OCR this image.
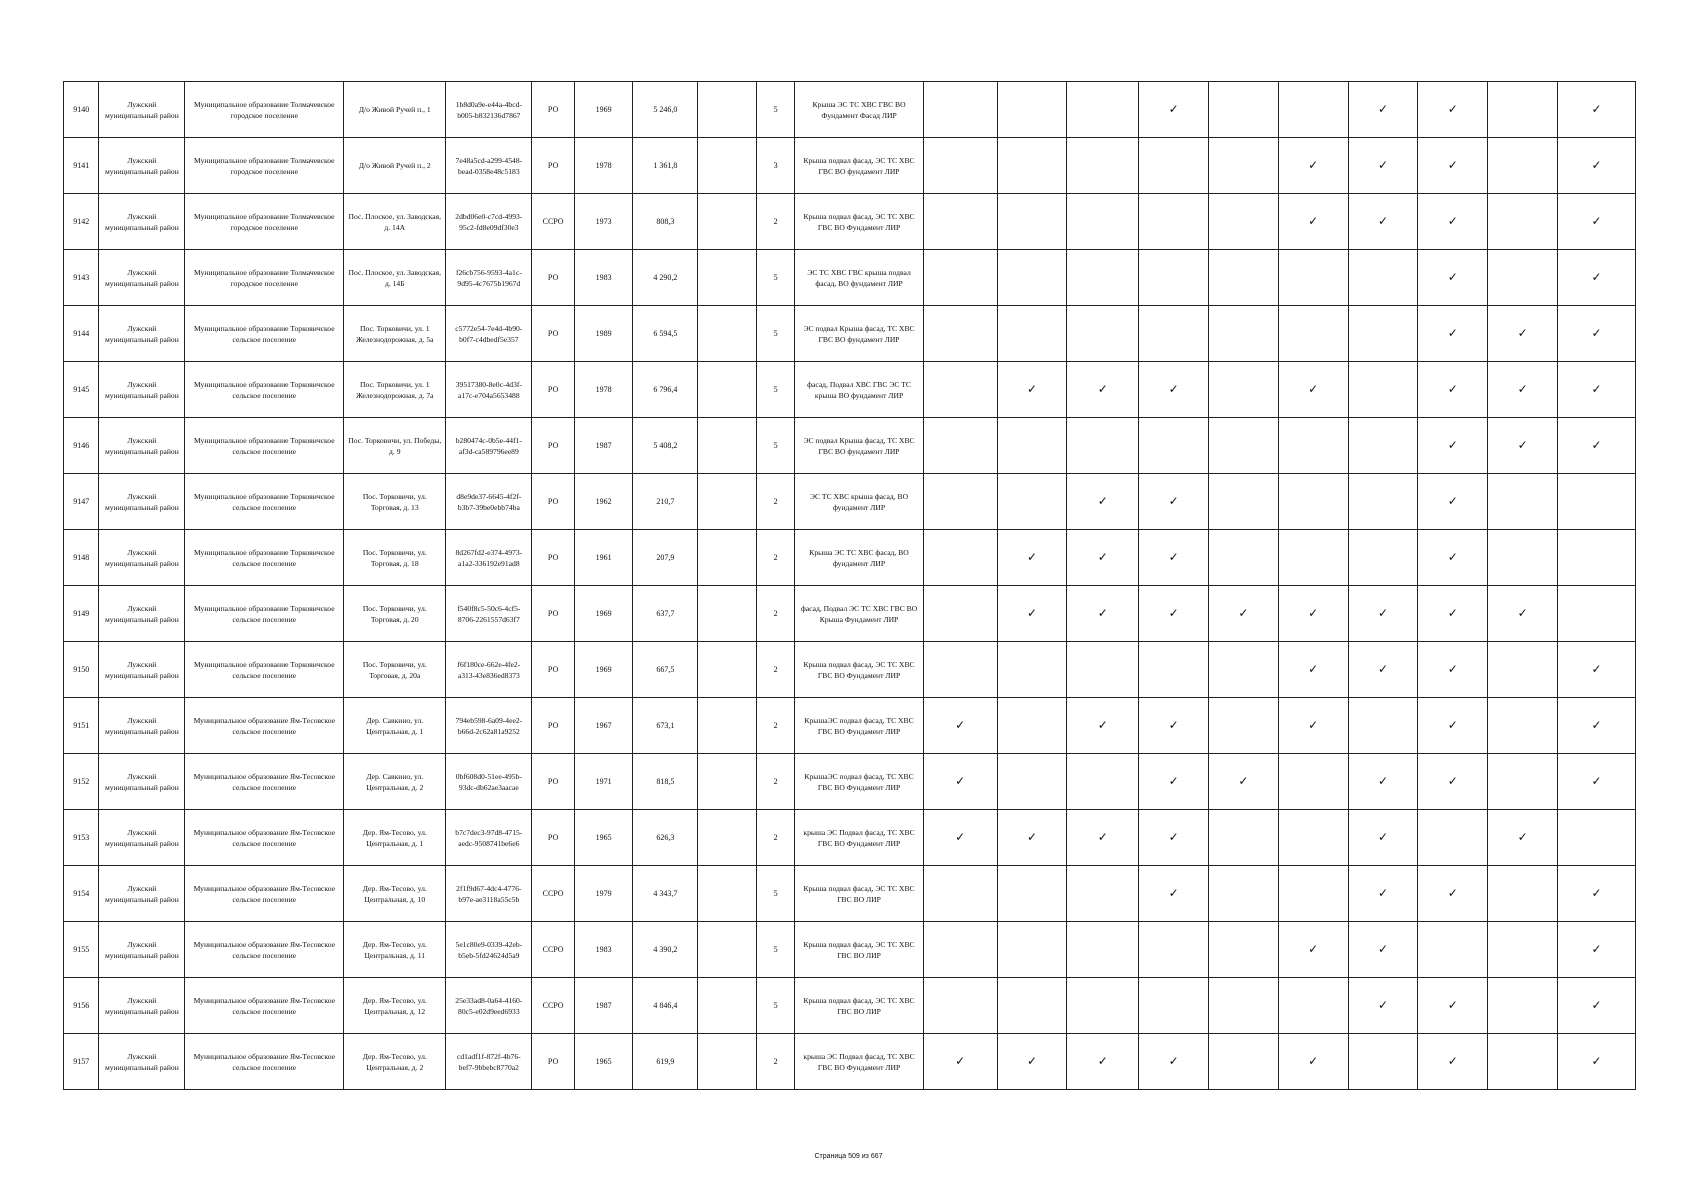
9140	Лужский муниципальный район	Муниципальное образование Толмачевское городское поселение	Д/о Живой Ручей п., 1	1b8d0a9e-e44a-4bcd-b005-b832136d7867	РО	1969	5 246,0		5	Крыша ЭС ТС ХВС ГВС ВО Фундамент Фасад ЛИР				✓			✓	✓		✓
9141	Лужский муниципальный район	Муниципальное образование Толмачевское городское поселение	Д/о Живой Ручей п., 2	7e48a5cd-a299-4548-bead-0358e48c5183	РО	1978	1 361,8		3	Крыша подвал фасад, ЭС ТС ХВС ГВС ВО фундамент ЛИР						✓	✓	✓		✓
9142	Лужский муниципальный район	Муниципальное образование Толмачевское городское поселение	Пос. Плоское, ул. Заводская, д. 14А	2dbd06e0-c7cd-4993-95c2-fd8e09df30e3	СCPO	1973	808,3		2	Крыша подвал фасад, ЭС ТС ХВС ГВС ВО Фундамент ЛИР						✓	✓	✓		✓
9143	Лужский муниципальный район	Муниципальное образование Толмачевское городское поселение	Пос. Плоское, ул. Заводская, д. 14Б	f26cb756-9593-4a1c-9d95-4c7675b1967d	РО	1983	4 290,2		5	ЭС ТС ХВС ГВС крыша подвал фасад, ВО фундамент ЛИР								✓		✓
9144	Лужский муниципальный район	Муниципальное образование Торковичское сельское поселение	Пос. Торковичи, ул. 1 Железнодорожная, д. 5а	c5772e54-7e4d-4b90-b0f7-c4dbedf5e357	РО	1989	6 594,5		5	ЭС подвал Крыша фасад, ТС ХВС ГВС ВО фундамент ЛИР								✓	✓	✓
9145	Лужский муниципальный район	Муниципальное образование Торковичское сельское поселение	Пос. Торковичи, ул. 1 Железнодорожная, д. 7а	39517380-8e0c-4d3f-a17c-e704a5653488	РО	1978	6 796,4		5	фасад, Подвал ХВС ГВС ЭС ТС крыша ВО фундамент ЛИР		✓	✓	✓		✓		✓	✓	✓
9146	Лужский муниципальный район	Муниципальное образование Торковичское сельское поселение	Пос. Торковичи, ул. Победы, д. 9	b280474c-0b5e-44f1-af3d-ca589796ee89	РО	1987	5 408,2		5	ЭС подвал Крыша фасад, ТС ХВС ГВС ВО фундамент ЛИР								✓	✓	✓
9147	Лужский муниципальный район	Муниципальное образование Торковичское сельское поселение	Пос. Торковичи, ул. Торговая, д. 13	d8e9de37-6645-4f2f-b3b7-39be0ebb74ba	РО	1962	210,7		2	ЭС ТС ХВС крыша фасад, ВО фундамент ЛИР			✓	✓				✓		
9148	Лужский муниципальный район	Муниципальное образование Торковичское сельское поселение	Пос. Торковичи, ул. Торговая, д. 18	8d267fd2-e374-4973-a1a2-336192e91ad8	РО	1961	207,9		2	Крыша ЭС ТС ХВС фасад, ВО фундамент ЛИР		✓	✓	✓				✓		
9149	Лужский муниципальный район	Муниципальное образование Торковичское сельское поселение	Пос. Торковичи, ул. Торговая, д. 20	f540f8c5-50c6-4cf5-8706-2261557d63f7	РО	1969	637,7		2	фасад, Подвал ЭС ТС ХВС ГВС ВО Крыша Фундамент ЛИР		✓	✓	✓	✓	✓	✓	✓	✓	
9150	Лужский муниципальный район	Муниципальное образование Торковичское сельское поселение	Пос. Торковичи, ул. Торговая, д. 20а	f6f180ce-662e-4fe2-a313-43e836ed8373	РО	1969	667,5		2	Крыша подвал фасад, ЭС ТС ХВС ГВС ВО Фундамент ЛИР						✓	✓	✓		✓
9151	Лужский муниципальный район	Муниципальное образование Ям-Тесовское сельское поселение	Дер. Савкино, ул. Центральная, д. 1	794eb598-6a09-4ee2-b66d-2c62a81a9252	РО	1967	673,1		2	КрышаЭС подвал фасад, ТС ХВС ГВС ВО Фундамент ЛИР	✓		✓	✓		✓		✓		✓
9152	Лужский муниципальный район	Муниципальное образование Ям-Тесовское сельское поселение	Дер. Савкино, ул. Центральная, д. 2	0bf608d0-51ee-495b-93dc-db62ae3aacae	РО	1971	818,5		2	КрышаЭС подвал фасад, ТС ХВС ГВС ВО Фундамент ЛИР	✓			✓	✓		✓	✓		✓
9153	Лужский муниципальный район	Муниципальное образование Ям-Тесовское сельское поселение	Дер. Ям-Тесово, ул. Центральная, д. 1	b7c7dec3-97d8-4715-aedc-9508741be6e6	РО	1965	626,3		2	крыша ЭС Подвал фасад, ТС ХВС ГВС ВО Фундамент ЛИР	✓	✓	✓	✓			✓		✓	
9154	Лужский муниципальный район	Муниципальное образование Ям-Тесовское сельское поселение	Дер. Ям-Тесово, ул. Центральная, д. 10	2f1f9d67-4dc4-4776-b97e-ae3118a55c5b	СCPO	1979	4 343,7		5	Крыша подвал фасад, ЭС ТС ХВС ГВС ВО ЛИР				✓			✓	✓		✓
9155	Лужский муниципальный район	Муниципальное образование Ям-Тесовское сельское поселение	Дер. Ям-Тесово, ул. Центральная, д. 11	5e1c80e9-0339-42eb-b5eb-5fd24624d5a9	СCPO	1983	4 390,2		5	Крыша подвал фасад, ЭС ТС ХВС ГВС ВО ЛИР						✓	✓			✓
9156	Лужский муниципальный район	Муниципальное образование Ям-Тесовское сельское поселение	Дер. Ям-Тесово, ул. Центральная, д. 12	25e33ad8-0a64-4160-80c5-e02d9eed6933	СCPO	1987	4 846,4		5	Крыша подвал фасад, ЭС ТС ХВС ГВС ВО ЛИР							✓	✓		✓
9157	Лужский муниципальный район	Муниципальное образование Ям-Тесовское сельское поселение	Дер. Ям-Тесово, ул. Центральная, д. 2	cd1adf1f-872f-4b76-bef7-9bbebc8770a2	РО	1965	619,9		2	крыша ЭС Подвал фасад, ТС ХВС ГВС ВО Фундамент ЛИР	✓	✓	✓	✓		✓		✓		✓
Страница 509 из 667
